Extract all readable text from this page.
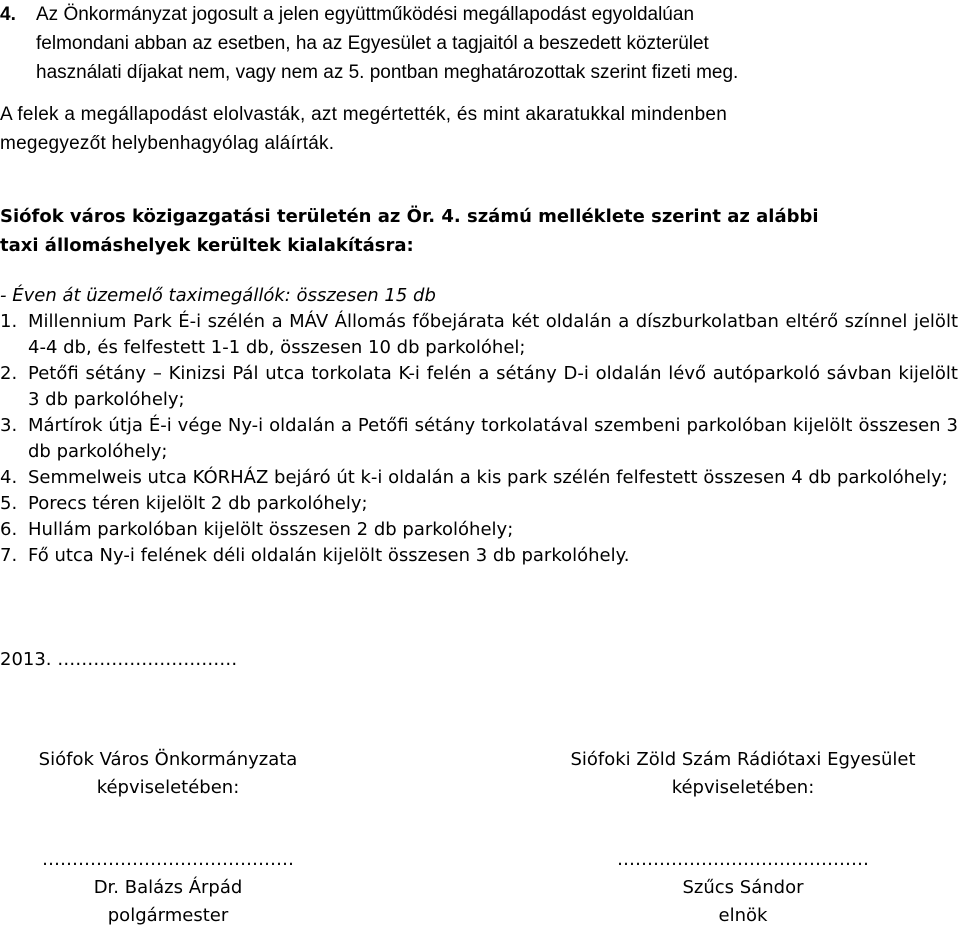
4. Az Önkormányzat jogosult a jelen együttműködési megállapodást egyoldalúan
felmondani abban az esetben, ha az Egyesület a tagjaitól a beszedett közterület
használati díjakat nem, vagy nem az 5. pontban meghatározottak szerint fizeti meg.
A felek a megállapodást elolvasták, azt megértették, és mint akaratukkal mindenben
megegyezőt helybenhagyólag aláírták.
Siófok város közigazgatási területén az Ör. 4. számú melléklete szerint az alábbi
taxi állomáshelyek kerültek kialakításra:
- Éven át üzemelő taximegállók: összesen 15 db
1. Millennium Park É-i szélén a MÁV Állomás főbejárata két oldalán a díszburkolatban eltérő színnel jelölt 4-4 db, és felfestett 1-1 db, összesen 10 db parkolóhel;
2. Petőfi sétány – Kinizsi Pál utca torkolata K-i felén a sétány D-i oldalán lévő autóparkoló sávban kijelölt 3 db parkolóhely;
3. Mártírok útja É-i vége Ny-i oldalán a Petőfi sétány torkolatával szembeni parkolóban kijelölt összesen 3 db parkolóhely;
4. Semmelweis utca KÓRHÁZ bejáró út k-i oldalán a kis park szélén felfestett összesen 4 db parkolóhely;
5. Porecs téren kijelölt 2 db parkolóhely;
6. Hullám parkolóban kijelölt összesen 2 db parkolóhely;
7. Fő utca Ny-i felének déli oldalán kijelölt összesen 3 db parkolóhely.
2013. …………………………
Siófok Város Önkormányzata
képviseletében:
Siófoki Zöld Szám Rádiótaxi Egyesület
képviseletében:
……………………………………
Dr. Balázs Árpád
polgármester
……………………………………
Szűcs Sándor
elnök
